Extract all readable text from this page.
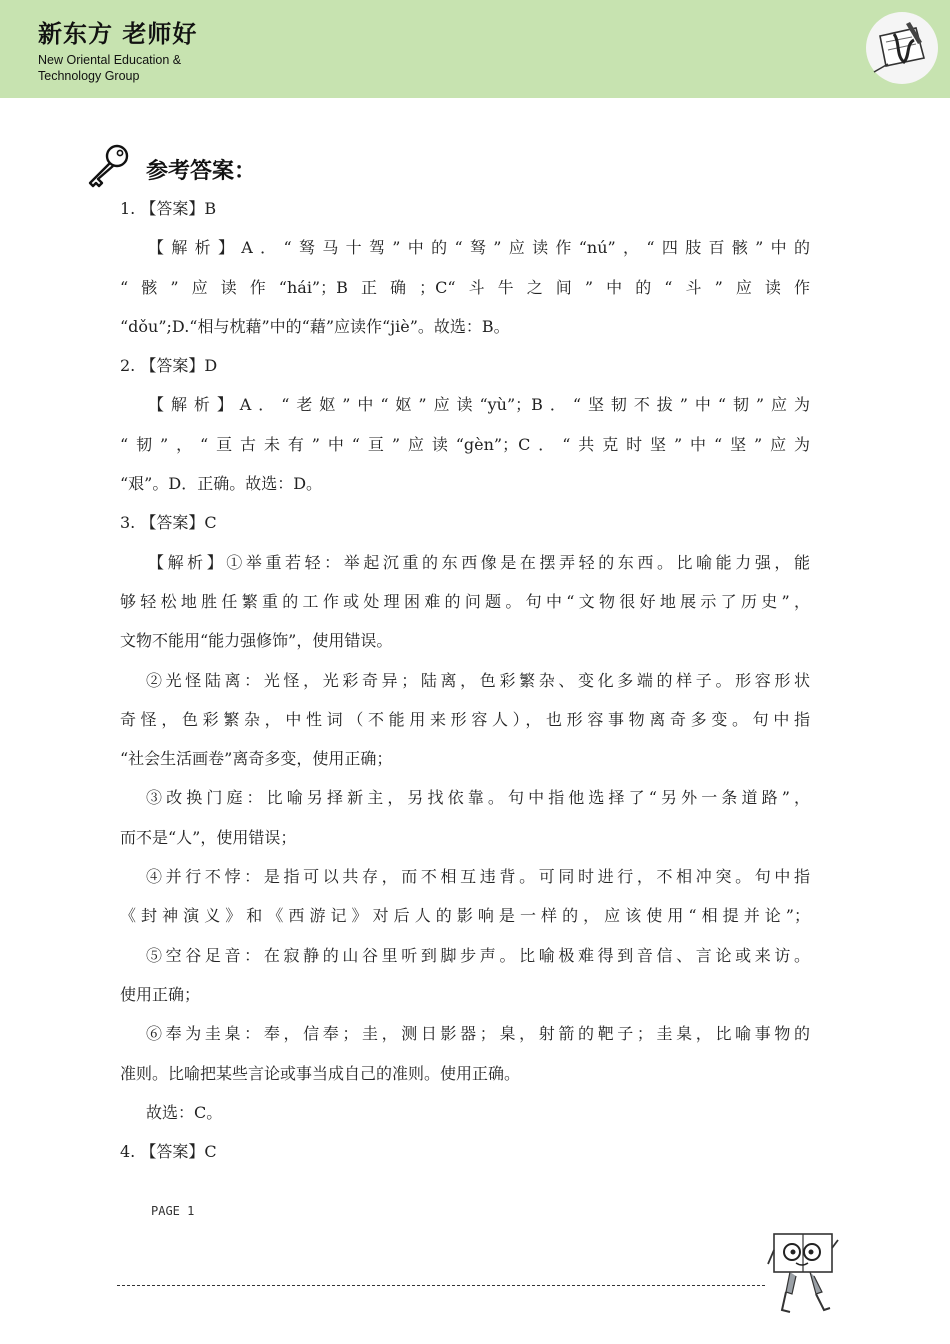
新东方 老师好
New Oriental Education &
Technology Group
参考答案：
1. 【答案】B
【解析】A．“驽马十驾”中的“驽”应读作“nú”，“四肢百骸”中的
“骸”应读作“hái”；B正确；C“斗牛之间”中的“斗”应读作
“dǒu”;D.“相与枕藉”中的“藉”应读作“jiè”。故选：B。
2. 【答案】D
【解析】A．“老妪”中“妪”应读“yù”；B．“坚韧不拔”中“韧”应为
“韧”，“亘古未有”中“亘”应读“gèn”；C．“共克时坚”中“坚”应为
“艰”。D．正确。故选：D。
3. 【答案】C
【解析】①举重若轻：举起沉重的东西像是在摆弄轻的东西。比喻能力强，能
够轻松地胜任繁重的工作或处理困难的问题。句中“文物很好地展示了历史”，
文物不能用“能力强修饰”，使用错误。
②光怪陆离：光怪，光彩奇异；陆离，色彩繁杂、变化多端的样子。形容形状
奇怪，色彩繁杂，中性词（不能用来形容人），也形容事物离奇多变。句中指
“社会生活画卷”离奇多变，使用正确；
③改换门庭：比喻另择新主，另找依靠。句中指他选择了“另外一条道路”，
而不是“人”，使用错误；
④并行不悖：是指可以共存，而不相互违背。可同时进行，不相冲突。句中指
《封神演义》和《西游记》对后人的影响是一样的，应该使用“相提并论”；
⑤空谷足音：在寂静的山谷里听到脚步声。比喻极难得到音信、言论或来访。
使用正确；
⑥奉为圭臬：奉，信奉；圭，测日影器；臬，射箭的靶子；圭臬，比喻事物的
准则。比喻把某些言论或事当成自己的准则。使用正确。
故选：C。
4. 【答案】C
PAGE 1
